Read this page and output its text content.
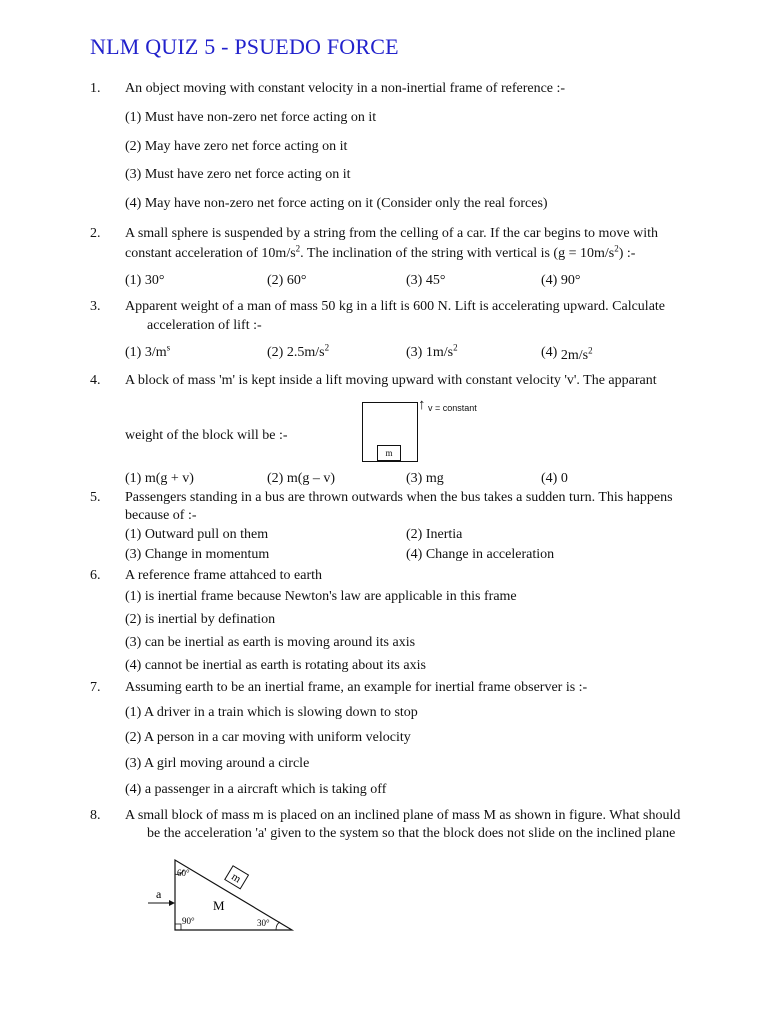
NLM QUIZ 5 - PSUEDO FORCE
1. An object moving with constant velocity in a non-inertial frame of reference :-
(1) Must have non-zero net force acting on it
(2) May have zero net force acting on it
(3) Must have zero net force acting on it
(4) May have non-zero net force acting on it (Consider only the real forces)
2. A small sphere is suspended by a string from the celling of a car. If the car begins to move with
constant acceleration of $10m/s^2$. The inclination of the string with vertical is $(g = 10m/s^2)$ :-
(1) 30°	(2) 60°	(3) 45°	(4) 90°
3. Apparent weight of a man of mass 50 kg in a lift is 600 N. Lift is accelerating upward. Calculate
acceleration of lift :-
(1) $3/m^s$	(2) $2.5m/s^2$	(3) $1m/s^2$	(4) $2m/s^2$
4. A block of mass 'm' is kept inside a lift moving upward with constant velocity 'v'. The apparant
weight of the block will be :-
m
↑ v = constant
(1) m(g + v)	(2) m(g – v)	(3) mg	(4) 0
5. Passengers standing in a bus are thrown outwards when the bus takes a sudden turn. This happens
because of :-
(1) Outward pull on them	(2) Inertia
(3) Change in momentum	(4) Change in acceleration
6. A reference frame attahced to earth
(1) is inertial frame because Newton's law are applicable in this frame
(2) is inertial by defination
(3) can be inertial as earth is moving around its axis
(4) cannot be inertial as earth is rotating about its axis
7. Assuming earth to be an inertial frame, an example for inertial frame observer is :-
(1) A driver in a train which is slowing down to stop
(2) A person in a car moving with uniform velocity
(3) A girl moving around a circle
(4) a passenger in a aircraft which is taking off
8. A small block of mass m is placed on an inclined plane of mass M as shown in figure. What should
be the acceleration 'a' given to the system so that the block does not slide on the inclined plane
m
a
M
60°
90°	30°
